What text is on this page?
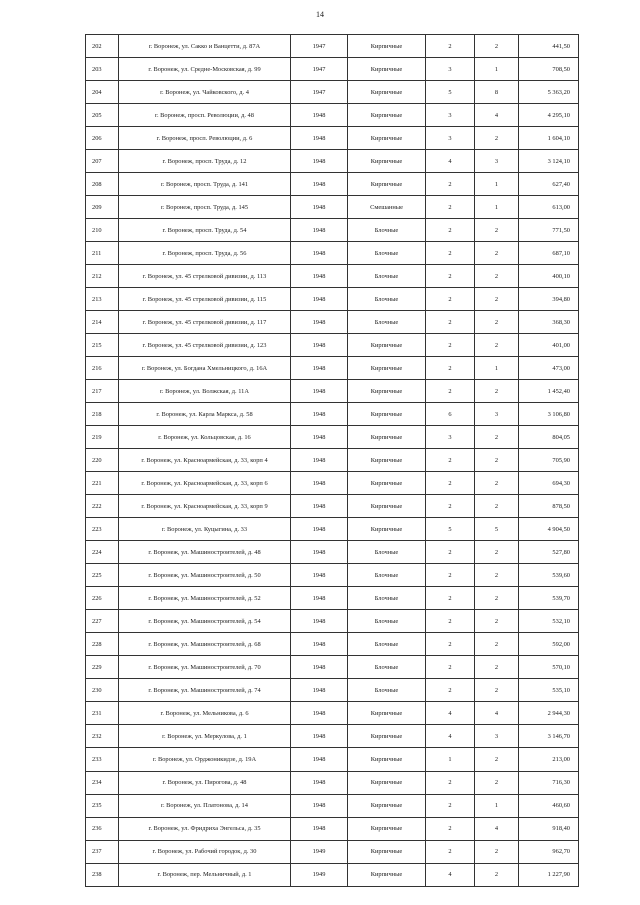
14
202	г. Воронеж, ул. Сакко и Ванцетти, д. 87А	1947	Кирпичные	2	2	441,50
203	г. Воронеж, ул. Средне-Московская, д. 99	1947	Кирпичные	3	1	708,50
204	г. Воронеж, ул. Чайковского, д. 4	1947	Кирпичные	5	8	5 363,20
205	г. Воронеж, просп. Революции, д. 48	1948	Кирпичные	3	4	4 295,10
206	г. Воронеж, просп. Революции, д. 6	1948	Кирпичные	3	2	1 604,10
207	г. Воронеж, просп. Труда, д. 12	1948	Кирпичные	4	3	3 124,10
208	г. Воронеж, просп. Труда, д. 141	1948	Кирпичные	2	1	627,40
209	г. Воронеж, просп. Труда, д. 145	1948	Смешанные	2	1	613,00
210	г. Воронеж, просп. Труда, д. 54	1948	Блочные	2	2	771,50
211	г. Воронеж, просп. Труда, д. 56	1948	Блочные	2	2	687,10
212	г. Воронеж, ул. 45 стрелковой дивизии, д. 113	1948	Блочные	2	2	400,10
213	г. Воронеж, ул. 45 стрелковой дивизии, д. 115	1948	Блочные	2	2	394,80
214	г. Воронеж, ул. 45 стрелковой дивизии, д. 117	1948	Блочные	2	2	368,30
215	г. Воронеж, ул. 45 стрелковой дивизии, д. 123	1948	Кирпичные	2	2	401,00
216	г. Воронеж, ул. Богдана Хмельницкого, д. 16А	1948	Кирпичные	2	1	473,00
217	г. Воронеж, ул. Волжская, д. 11А	1948	Кирпичные	2	2	1 452,40
218	г. Воронеж, ул. Карла Маркса, д. 58	1948	Кирпичные	6	3	3 106,80
219	г. Воронеж, ул. Кольцовская, д. 16	1948	Кирпичные	3	2	804,05
220	г. Воронеж, ул. Красноармейская, д. 33, корп 4	1948	Кирпичные	2	2	705,90
221	г. Воронеж, ул. Красноармейская, д. 33, корп 6	1948	Кирпичные	2	2	694,30
222	г. Воронеж, ул. Красноармейская, д. 33, корп 9	1948	Кирпичные	2	2	878,50
223	г. Воронеж, ул. Куцыгина, д. 33	1948	Кирпичные	5	5	4 904,50
224	г. Воронеж, ул. Машиностроителей, д. 48	1948	Блочные	2	2	527,80
225	г. Воронеж, ул. Машиностроителей, д. 50	1948	Блочные	2	2	539,60
226	г. Воронеж, ул. Машиностроителей, д. 52	1948	Блочные	2	2	539,70
227	г. Воронеж, ул. Машиностроителей, д. 54	1948	Блочные	2	2	532,10
228	г. Воронеж, ул. Машиностроителей, д. 68	1948	Блочные	2	2	592,00
229	г. Воронеж, ул. Машиностроителей, д. 70	1948	Блочные	2	2	570,10
230	г. Воронеж, ул. Машиностроителей, д. 74	1948	Блочные	2	2	535,10
231	г. Воронеж, ул. Мельникова, д. 6	1948	Кирпичные	4	4	2 944,30
232	г. Воронеж, ул. Меркулова, д. 1	1948	Кирпичные	4	3	3 146,70
233	г. Воронеж, ул. Орджоникидзе, д. 19А	1948	Кирпичные	1	2	213,00
234	г. Воронеж, ул. Пирогова, д. 48	1948	Кирпичные	2	2	716,30
235	г. Воронеж, ул. Платонова, д. 14	1948	Кирпичные	2	1	460,60
236	г. Воронеж, ул. Фридриха Энгельса, д. 35	1948	Кирпичные	2	4	918,40
237	г. Воронеж, ул. Рабочий городок, д. 30	1949	Кирпичные	2	2	962,70
238	г. Воронеж, пер. Мельничный, д. 1	1949	Кирпичные	4	2	1 227,90
